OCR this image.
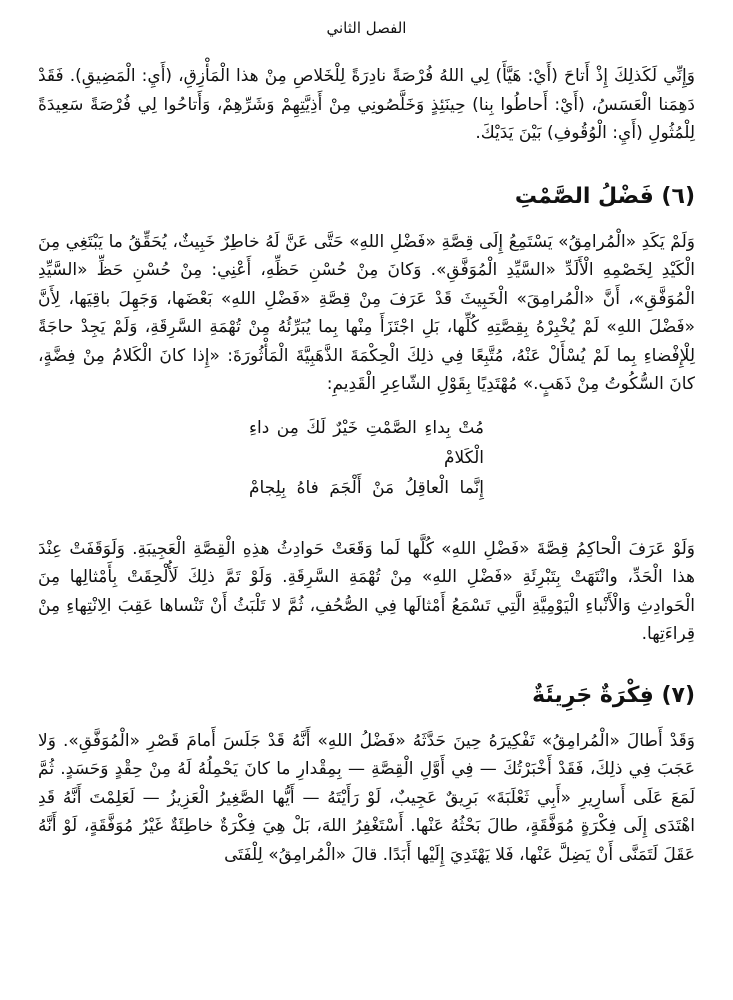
الفصل الثاني

وَإِنِّي لَكَذلِكَ إِذْ أَتاحَ (أَيْ: هَيَّأَ) لِي اللهُ فُرْصَةً نادِرَةً لِلْخَلاصِ مِنْ هذا الْمَأْزِقِ، (أَيِ: الْمَضِيقِ). فَقَدْ دَهِمَنا الْعَسَسُ، (أَيْ: أَحاطُوا بِنا) حِينَئِذٍ وَخَلَّصُونِي مِنْ أَذِيَّتِهِمْ وَشَرِّهِمْ، وَأَتاحُوا لِي فُرْصَةً سَعِيدَةً لِلْمُثُولِ (أَيِ: الْوُقُوفِ) بَيْنَ يَدَيْكَ.

(٦) فَضْلُ الصَّمْتِ

وَلَمْ يَكَدِ «الْمُرامِقُ» يَسْتَمِعُ إِلَى قِصَّةِ «فَضْلِ اللهِ» حَتَّى عَنَّ لَهُ خاطِرٌ خَبِيثٌ، يُحَقِّقُ ما يَبْتَغِي مِنَ الْكَيْدِ لِخَصْمِهِ الْأَلَدِّ «السَّيِّدِ الْمُوَفَّقِ». وَكانَ مِنْ حُسْنِ حَظِّهِ، أَعْنِي: مِنْ حُسْنِ حَظِّ «السَّيِّدِ الْمُوَفَّقِ»، أَنَّ «الْمُرامِقَ» الْخَبِيثَ قَدْ عَرَفَ مِنْ قِصَّةِ «فَضْلِ اللهِ» بَعْضَها، وَجَهِلَ باقِيَها، لِأَنَّ «فَضْلَ اللهِ» لَمْ يُخْبِرْهُ بِقِصَّتِهِ كُلِّها، بَلِ اجْتَزَأَ مِنْها بِما يُبَرِّئُهُ مِنْ تُهْمَةِ السَّرِقَةِ، وَلَمْ يَجِدْ حاجَةً لِلْإِفْضاءِ بِما لَمْ يُسْأَلْ عَنْهُ، مُتَّبِعًا فِي ذلِكَ الْحِكْمَةَ الذَّهَبِيَّةَ الْمَأْثُورَةَ: «إِذا كانَ الْكَلامُ مِنْ فِضَّةٍ، كانَ السُّكُوتُ مِنْ ذَهَبٍ.» مُهْتَدِيًا بِقَوْلِ الشّاعِرِ الْقَدِيمِ:

مُتْ بِداءِ الصَّمْتِ خَيْرٌ لَكَ مِن داءِ الْكَلامْ
إِنَّما الْعاقِلُ مَنْ أَلْجَمَ فاهُ بِلِجامْ

وَلَوْ عَرَفَ الْحاكِمُ قِصَّةَ «فَضْلِ اللهِ» كُلَّها لَما وَقَعَتْ حَوادِثُ هذِهِ الْقِصَّةِ الْعَجِيبَةِ. وَلَوَقَفَتْ عِنْدَ هذا الْحَدِّ، وانْتَهَتْ بِتَبْرِئَةِ «فَضْلِ اللهِ» مِنْ تُهْمَةِ السَّرِقَةِ. وَلَوْ تَمَّ ذلِكَ لَأُلْحِقَتْ بِأَمْثالِها مِنَ الْحَوادِثِ وَالْأَنْباءِ الْيَوْمِيَّةِ الَّتِي تَسْمَعُ أَمْثالَها فِي الصُّحُفِ، ثُمَّ لا تَلْبَثُ أَنْ تَنْساها عَقِبَ الِانْتِهاءِ مِنْ قِراءَتِها.

(٧) فِكْرَةٌ جَرِيئَةٌ

وَقَدْ أَطالَ «الْمُرامِقُ» تَفْكِيرَهُ حِينَ حَدَّثَهُ «فَضْلُ اللهِ» أَنَّهُ قَدْ جَلَسَ أَمامَ قَصْرِ «الْمُوَفَّقِ». وَلا عَجَبَ فِي ذلِكَ، فَقَدْ أَخْبَرْتُكَ — فِي أَوَّلِ الْقِصَّةِ — بِمِقْدارِ ما كانَ يَحْمِلُهُ لَهُ مِنْ حِقْدٍ وَحَسَدٍ. ثُمَّ لَمَعَ عَلَى أَسارِيرِ «أَبِي ثَعْلَبَةَ» بَرِيقٌ عَجِيبٌ، لَوْ رَأَيْتَهُ — أَيُّها الصَّغِيرُ الْعَزِيزُ — لَعَلِمْتَ أَنَّهُ قَدِ اهْتَدَى إِلَى فِكْرَةٍ مُوَفَّقَةٍ، طالَ بَحْثُهُ عَنْها. أَسْتَغْفِرُ اللهَ، بَلْ هِيَ فِكْرَةٌ خاطِئَةٌ غَيْرُ مُوَفَّقَةٍ، لَوْ أَنَّهُ عَقَلَ لَتَمَنَّى أَنْ يَضِلَّ عَنْها، فَلا يَهْتَدِيَ إِلَيْها أَبَدًا. قالَ «الْمُرامِقُ» لِلْفَتَى
